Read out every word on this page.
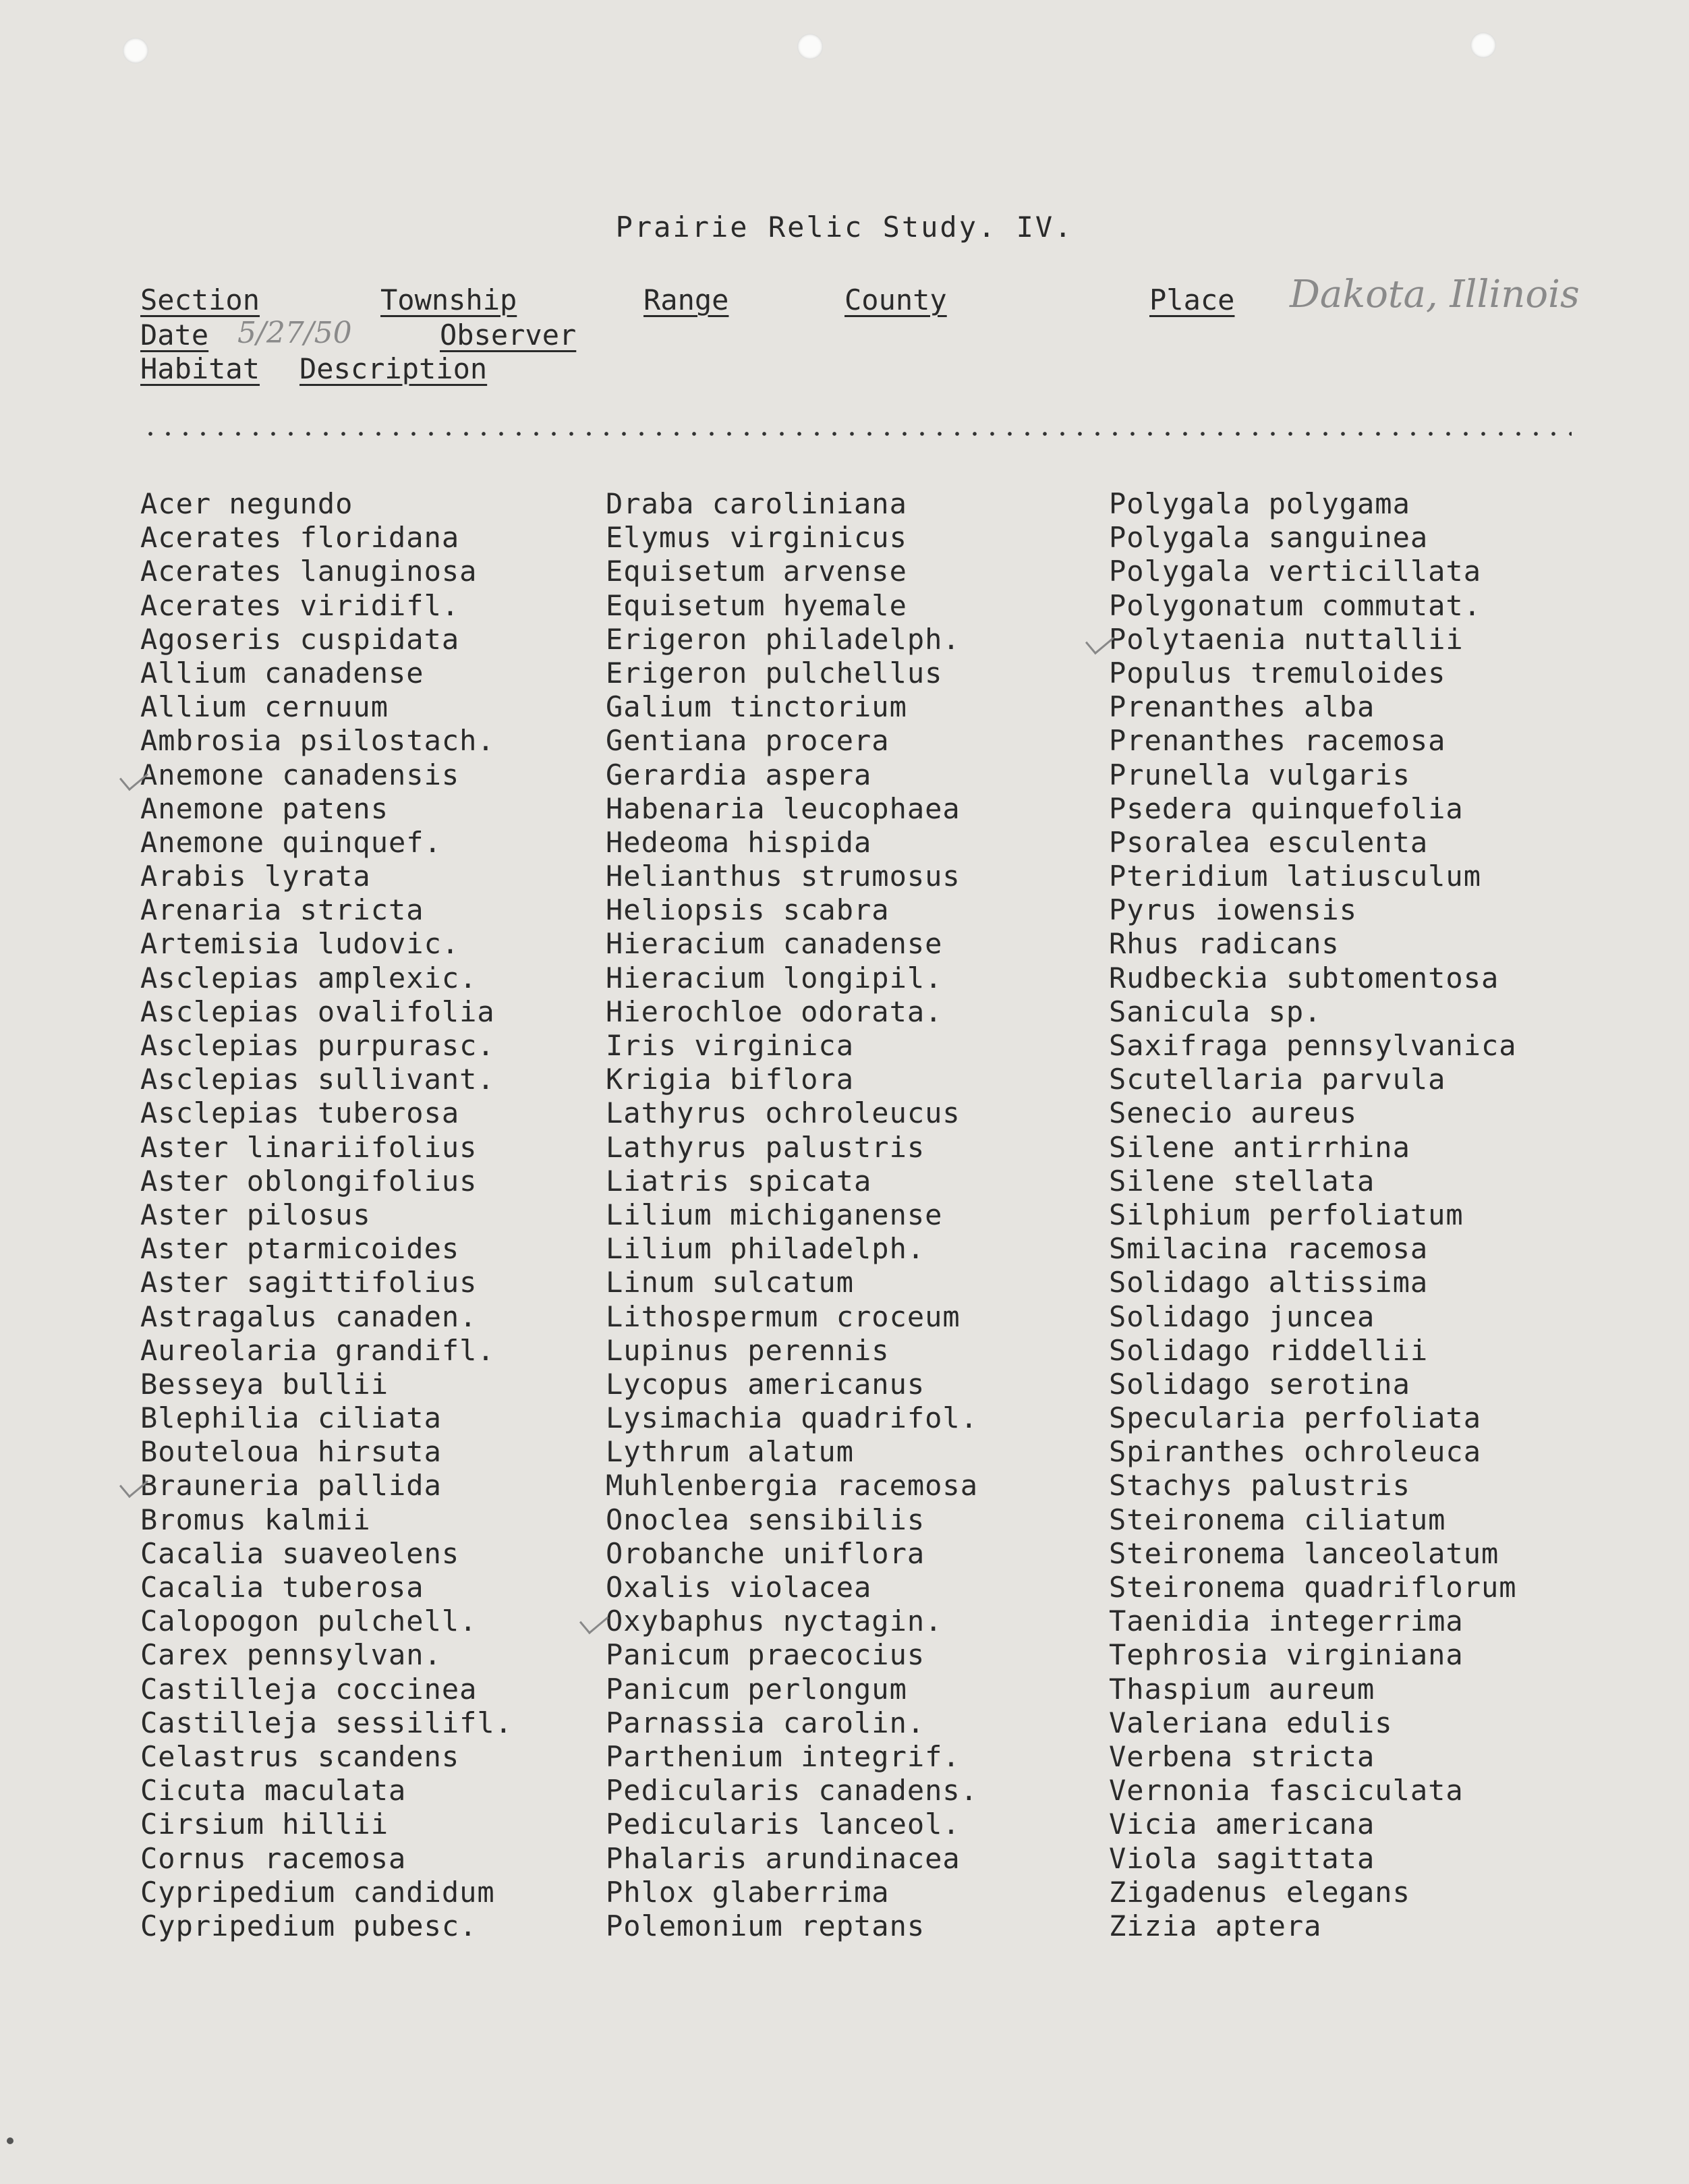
Prairie Relic Study. IV.
Section	Township	Range	County	Place Dakota, Illinois
Date 5/27/50	Observer
Habitat Description
Acer negundo
Acerates floridana
Acerates lanuginosa
Acerates viridifl.
Agoseris cuspidata
Allium canadense
Allium cernuum
Ambrosia psilostach.
Anemone canadensis
Anemone patens
Anemone quinquef.
Arabis lyrata
Arenaria stricta
Artemisia ludovic.
Asclepias amplexic.
Asclepias ovalifolia
Asclepias purpurasc.
Asclepias sullivant.
Asclepias tuberosa
Aster linariifolius
Aster oblongifolius
Aster pilosus
Aster ptarmicoides
Aster sagittifolius
Astragalus canaden.
Aureolaria grandifl.
Besseya bullii
Blephilia ciliata
Bouteloua hirsuta
Brauneria pallida
Bromus kalmii
Cacalia suaveolens
Cacalia tuberosa
Calopogon pulchell.
Carex pennsylvan.
Castilleja coccinea
Castilleja sessilifl.
Celastrus scandens
Cicuta maculata
Cirsium hillii
Cornus racemosa
Cypripedium candidum
Cypripedium pubesc.
Draba caroliniana
Elymus virginicus
Equisetum arvense
Equisetum hyemale
Erigeron philadelph.
Erigeron pulchellus
Galium tinctorium
Gentiana procera
Gerardia aspera
Habenaria leucophaea
Hedeoma hispida
Helianthus strumosus
Heliopsis scabra
Hieracium canadense
Hieracium longipil.
Hierochloe odorata.
Iris virginica
Krigia biflora
Lathyrus ochroleucus
Lathyrus palustris
Liatris spicata
Lilium michiganense
Lilium philadelph.
Linum sulcatum
Lithospermum croceum
Lupinus perennis
Lycopus americanus
Lysimachia quadrifol.
Lythrum alatum
Muhlenbergia racemosa
Onoclea sensibilis
Orobanche uniflora
Oxalis violacea
Oxybaphus nyctagin.
Panicum praecocius
Panicum perlongum
Parnassia carolin.
Parthenium integrif.
Pedicularis canadens.
Pedicularis lanceol.
Phalaris arundinacea
Phlox glaberrima
Polemonium reptans
Polygala polygama
Polygala sanguinea
Polygala verticillata
Polygonatum commutat.
Polytaenia nuttallii
Populus tremuloides
Prenanthes alba
Prenanthes racemosa
Prunella vulgaris
Psedera quinquefolia
Psoralea esculenta
Pteridium latiusculum
Pyrus iowensis
Rhus radicans
Rudbeckia subtomentosa
Sanicula sp.
Saxifraga pennsylvanica
Scutellaria parvula
Senecio aureus
Silene antirrhina
Silene stellata
Silphium perfoliatum
Smilacina racemosa
Solidago altissima
Solidago juncea
Solidago riddellii
Solidago serotina
Specularia perfoliata
Spiranthes ochroleuca
Stachys palustris
Steironema ciliatum
Steironema lanceolatum
Steironema quadriflorum
Taenidia integerrima
Tephrosia virginiana
Thaspium aureum
Valeriana edulis
Verbena stricta
Vernonia fasciculata
Vicia americana
Viola sagittata
Zigadenus elegans
Zizia aptera
